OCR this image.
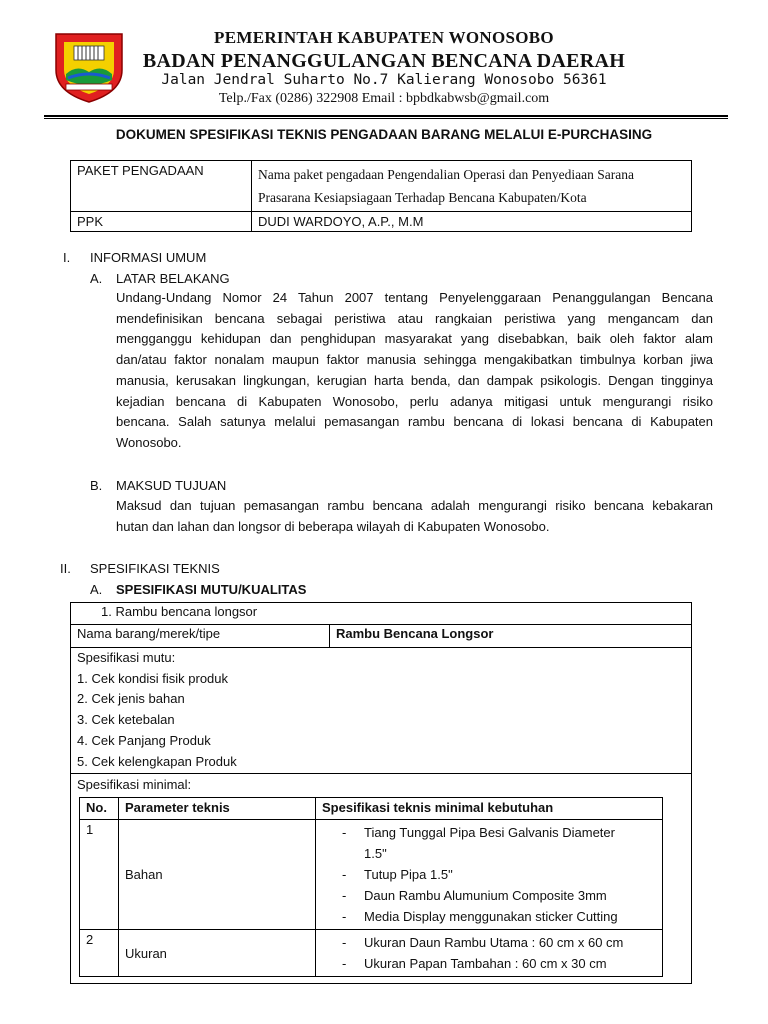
PEMERINTAH KABUPATEN WONOSOBO
BADAN PENANGGULANGAN BENCANA DAERAH
Jalan Jendral Suharto No.7 Kalierang Wonosobo 56361
Telp./Fax (0286) 322908 Email : bpbdkabwsb@gmail.com
DOKUMEN SPESIFIKASI TEKNIS PENGADAAN BARANG MELALUI E-PURCHASING
PAKET PENGADAAN	Nama paket pengadaan Pengendalian Operasi dan Penyediaan Sarana
Prasarana Kesiapsiagaan Terhadap Bencana Kabupaten/Kota

PPK	DUDI WARDOYO, A.P., M.M
I. INFORMASI UMUM
A. LATAR BELAKANG
Undang-Undang Nomor 24 Tahun 2007 tentang Penyelenggaraan Penanggulangan Bencana
mendefinisikan bencana sebagai peristiwa atau rangkaian peristiwa yang mengancam dan
mengganggu kehidupan dan penghidupan masyarakat yang disebabkan, baik oleh faktor alam
dan/atau faktor nonalam maupun faktor manusia sehingga mengakibatkan timbulnya korban jiwa
manusia, kerusakan lingkungan, kerugian harta benda, dan dampak psikologis. Dengan tingginya
kejadian bencana di Kabupaten Wonosobo, perlu adanya mitigasi untuk mengurangi risiko
bencana. Salah satunya melalui pemasangan rambu bencana di lokasi bencana di Kabupaten
Wonosobo.
B. MAKSUD TUJUAN
Maksud dan tujuan pemasangan rambu bencana adalah mengurangi risiko bencana kebakaran
hutan dan lahan dan longsor di beberapa wilayah di Kabupaten Wonosobo.
II. SPESIFIKASI TEKNIS
A. SPESIFIKASI MUTU/KUALITAS
1. Rambu bencana longsor
Nama barang/merek/tipe	Rambu Bencana Longsor

Spesifikasi mutu:
1. Cek kondisi fisik produk
2. Cek jenis bahan
3. Cek ketebalan
4. Cek Panjang Produk
5. Cek kelengkapan Produk

Spesifikasi minimal:
No.	Parameter teknis	Spesifikasi teknis minimal kebutuhan
1	Bahan	
- Tiang Tunggal Pipa Besi Galvanis Diameter
1.5"
- Tutup Pipa 1.5"
- Daun Rambu Alumunium Composite 3mm
- Media Display menggunakan sticker Cutting

2	Ukuran	
- Ukuran Daun Rambu Utama : 60 cm x 60 cm
- Ukuran Papan Tambahan : 60 cm x 30 cm
